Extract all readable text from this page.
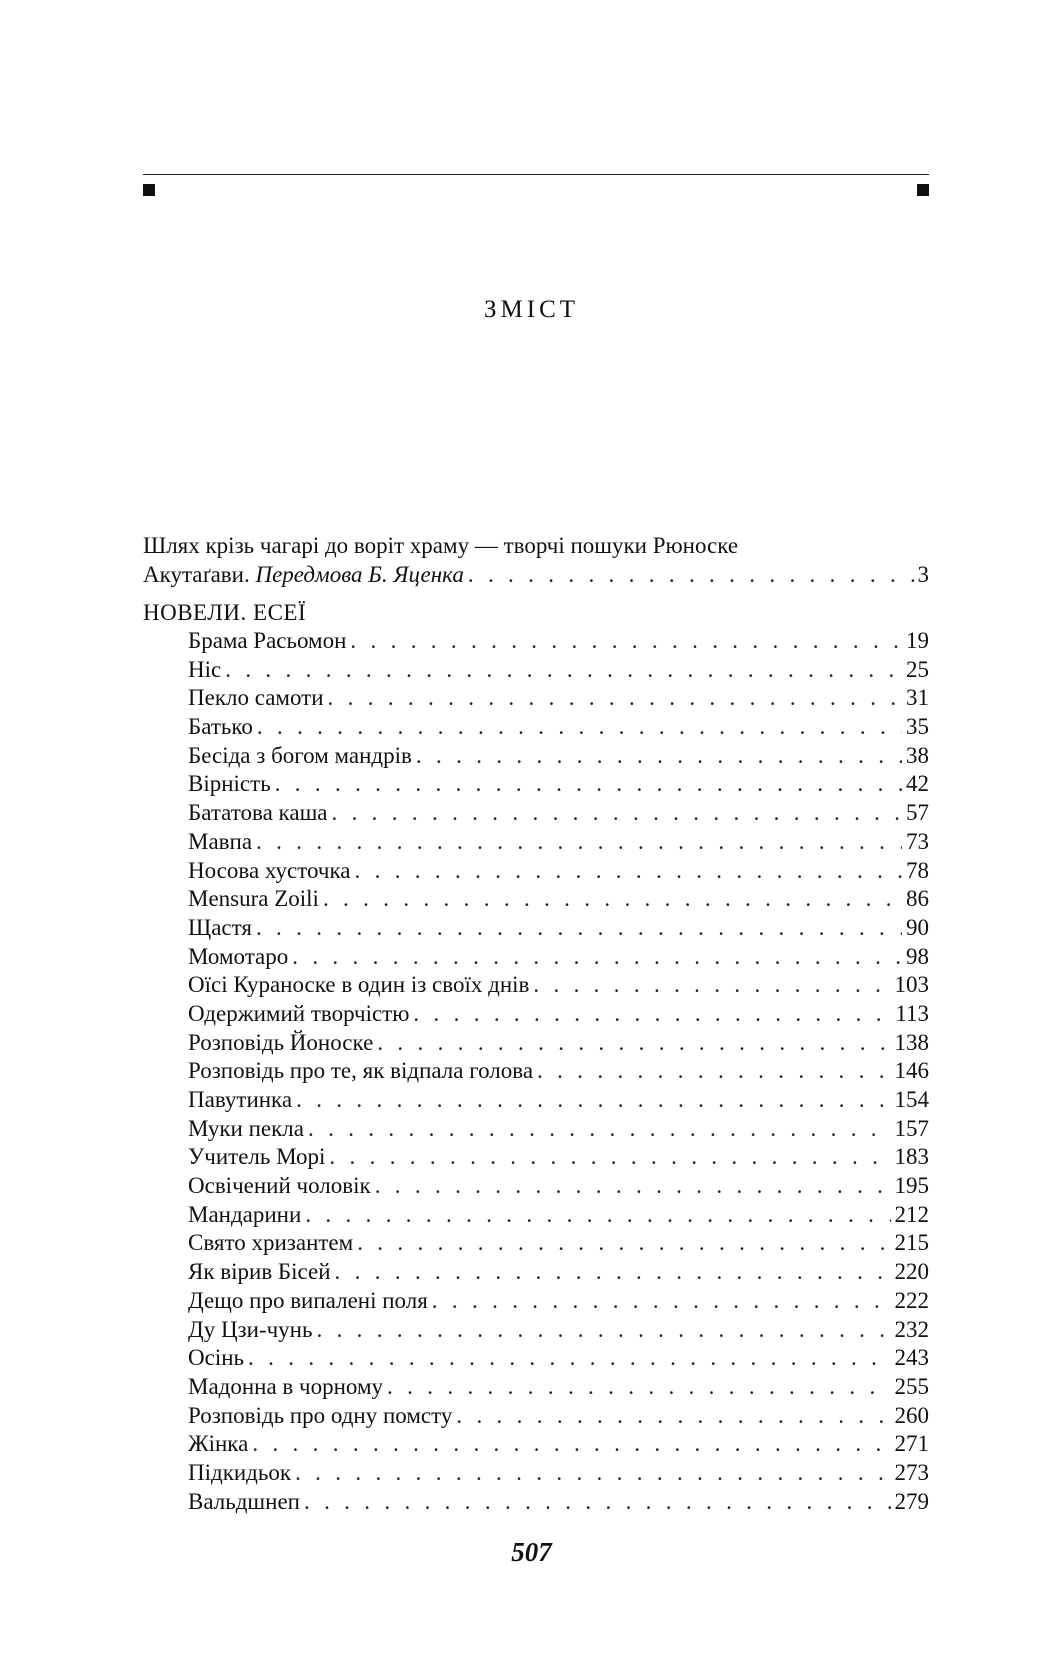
ЗМІСТ
Шлях крізь чагарі до воріт храму — творчі пошуки Рюноске
Акутаґави. Передмова Б. Яценка . . .	3
НОВЕЛИ. ЕСЕЇ
Брама Расьомон . . .	19
Ніс . . .	25
Пекло самоти . . .	31
Батько . . .	35
Бесіда з богом мандрів . . .	38
Вірність . . .	42
Бататова каша . . .	57
Мавпа . . .	73
Носова хусточка . . .	78
Mensura Zoili . . .	86
Щастя . . .	90
Момотаро . . .	98
Оїсі Кураноске в один із своїх днів . . .	103
Одержимий творчістю . . .	113
Розповідь Йоноске . . .	138
Розповідь про те, як відпала голова . . .	146
Павутинка . . .	154
Муки пекла . . .	157
Учитель Морі . . .	183
Освічений чоловік . . .	195
Мандарини . . .	212
Свято хризантем . . .	215
Як вірив Бісей . . .	220
Дещо про випалені поля . . .	222
Ду Цзи-чунь . . .	232
Осінь . . .	243
Мадонна в чорному . . .	255
Розповідь про одну помсту . . .	260
Жінка . . .	271
Підкидьок . . .	273
Вальдшнеп . . .	279
507
